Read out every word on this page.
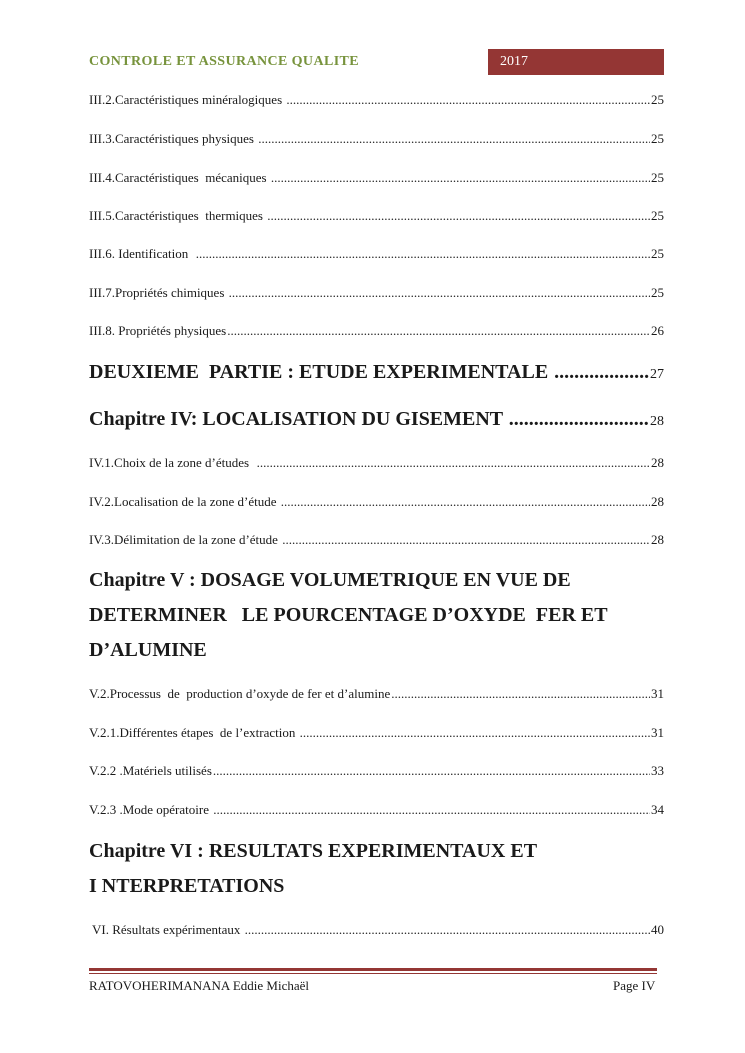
CONTROLE ET ASSURANCE QUALITE	2017
III.2.Caractéristiques minéralogiques .....	25
III.3.Caractéristiques physiques .....	25
III.4.Caractéristiques  mécaniques .....	25
III.5.Caractéristiques  thermiques .....	25
III.6. Identification .....	25
III.7.Propriétés chimiques .....	25
III.8. Propriétés physiques .....	26
DEUXIEME  PARTIE : ETUDE EXPERIMENTALE .....	27
Chapitre IV: LOCALISATION DU GISEMENT .....	28
IV.1.Choix de la zone d’études .....	28
IV.2.Localisation de la zone d’étude .....	28
IV.3.Délimitation de la zone d’étude .....	28
Chapitre V : DOSAGE VOLUMETRIQUE EN VUE DE
DETERMINER   LE POURCENTAGE D’OXYDE  FER ET
D’ALUMINE
V.2.Processus  de  production d’oxyde de fer et d’alumine .....	31
V.2.1.Différentes étapes  de l’extraction .....	31
V.2.2 .Matériels utilisés .....	33
V.2.3 .Mode opératoire .....	34
Chapitre VI : RESULTATS EXPERIMENTAUX ET
I NTERPRETATIONS
VI. Résultats expérimentaux .....	40
RATOVOHERIMANANA Eddie Michaël	Page IV
